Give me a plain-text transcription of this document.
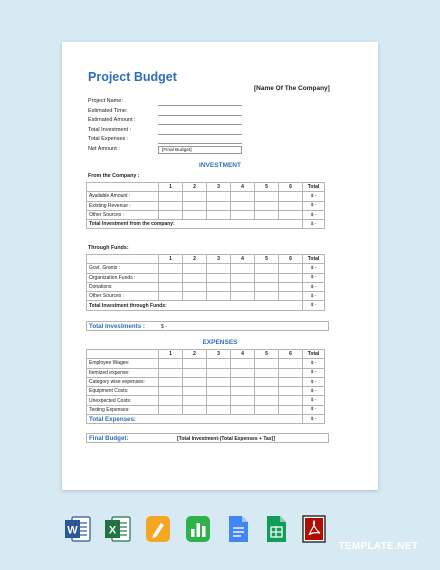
Project Budget
[Name Of The Company]
Project Name:
Estimated Time:
Estimated Amount :
Total Investment :
Total Expenses :
Net Amount :	[Final Budget]
INVESTMENT
From the Company :
	1	2	3	4	5	6	Total
Available Amount :							$ -
Existing Revenue :							$ -
Other Sources :							$ -
Total Investment from the company:							$ -
Through Funds:
	1	2	3	4	5	6	Total
Govt. Grants :							$ -
Organization Funds :							$ -
Donations							$ -
Other Sources :							$ -
Total Investment through Funds:							$ -
Total Investments :	$ -
EXPENSES
	1	2	3	4	5	6	Total
Employee Wages:							$ -
Itemized expense:							$ -
Category wise expenses:							$ -
Equipment Costs:							$ -
Unexpected Costs:							$ -
Testing Expenses:							$ -
Total Expenses:							$ -
Final Budget:	[Total Investment-(Total Expenses + Tax)]
W	X
TEMPLATE.NET
